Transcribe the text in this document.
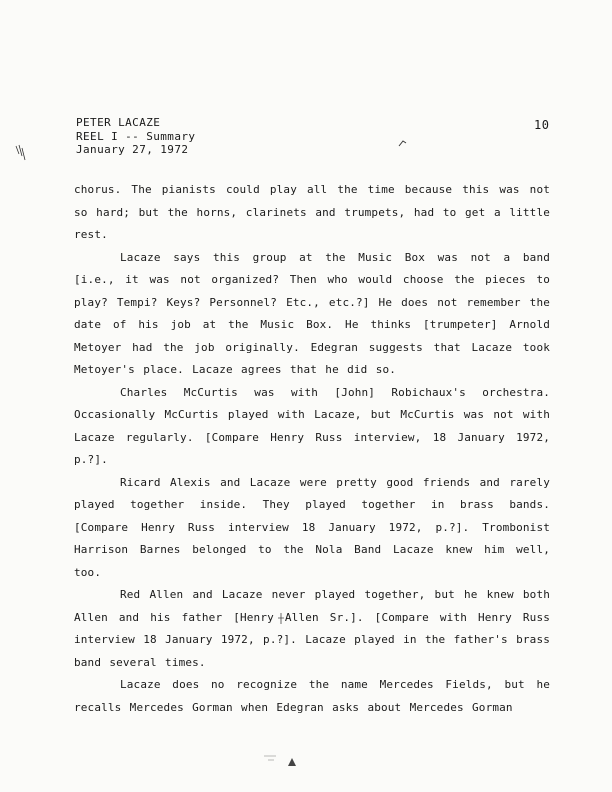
PETER LACAZE
REEL I -- Summary
January 27, 1972
10

chorus. The pianists could play all the time because this was not so hard; but the horns, clarinets and trumpets, had to get a little rest.

Lacaze says this group at the Music Box was not a band [i.e., it was not organized? Then who would choose the pieces to play? Tempi? Keys? Personnel? Etc., etc.?] He does not remember the date of his job at the Music Box. He thinks [trumpeter] Arnold Metoyer had the job originally. Edegran suggests that Lacaze took Metoyer's place. Lacaze agrees that he did so.

Charles McCurtis was with [John] Robichaux's orchestra. Occasionally McCurtis played with Lacaze, but McCurtis was not with Lacaze regularly. [Compare Henry Russ interview, 18 January 1972, p.?].

Ricard Alexis and Lacaze were pretty good friends and rarely played together inside. They played together in brass bands. [Compare Henry Russ interview 18 January 1972, p.?]. Trombonist Harrison Barnes belonged to the Nola Band Lacaze knew him well, too.

Red Allen and Lacaze never played together, but he knew both Allen and his father [Henry Allen Sr.]. [Compare with Henry Russ interview 18 January 1972, p.?]. Lacaze played in the father's brass band several times.

Lacaze does no recognize the name Mercedes Fields, but he recalls Mercedes Gorman when Edegran asks about Mercedes Gorman
